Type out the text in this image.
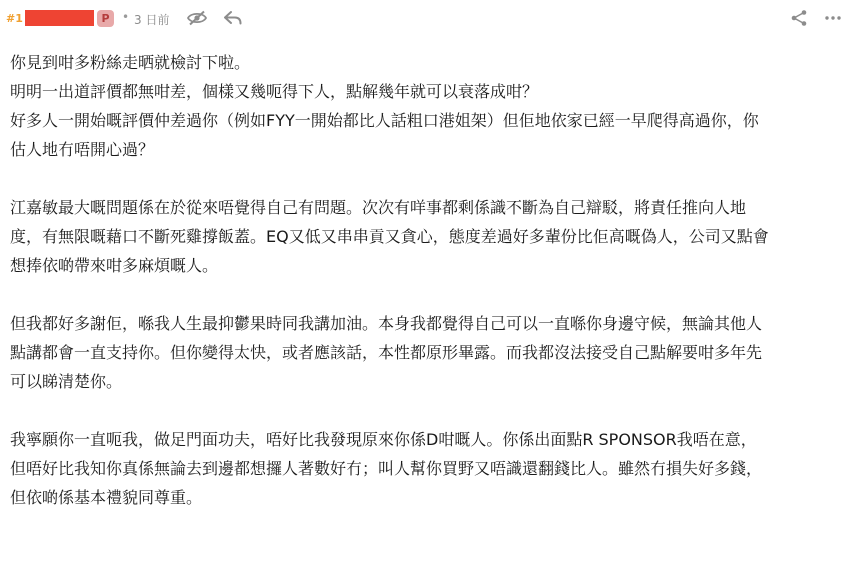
#1	P	• 3 日前

你見到咁多粉絲走晒就檢討下啦。
明明一出道評價都無咁差，個樣又幾呃得下人，點解幾年就可以衰落成咁？
好多人一開始嘅評價仲差過你（例如FYY一開始都比人話粗口港姐架）但佢地依家已經一早爬得高過你，你
估人地冇唔開心過？

江嘉敏最大嘅問題係在於從來唔覺得自己有問題。次次有咩事都剩係識不斷為自己辯駁，將責任推向人地
度，有無限嘅藉口不斷死雞撐飯蓋。EQ又低又串串貢又貪心，態度差過好多輩份比佢高嘅偽人，公司又點會
想捧依啲帶來咁多麻煩嘅人。

但我都好多謝佢，喺我人生最抑鬱果時同我講加油。本身我都覺得自己可以一直喺你身邊守候，無論其他人
點講都會一直支持你。但你變得太快，或者應該話，本性都原形畢露。而我都沒法接受自己點解要咁多年先
可以睇清楚你。

我寧願你一直呃我，做足門面功夫，唔好比我發現原來你係D咁嘅人。你係出面點R SPONSOR我唔在意，
但唔好比我知你真係無論去到邊都想攞人著數好冇；叫人幫你買野又唔識還翻錢比人。雖然冇損失好多錢，
但依啲係基本禮貌同尊重。
